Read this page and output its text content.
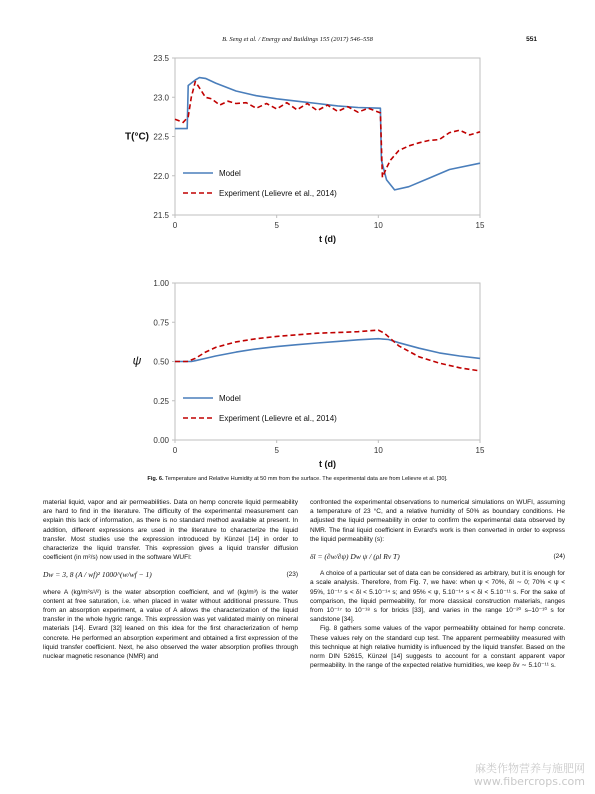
B. Seng et al. / Energy and Buildings 155 (2017) 546–558	551
21.5
22.0
22.5
23.0
23.5
0	5	10	15
t (d)
T(°C)
Model
Experiment (Lelievre et al., 2014)
0.00
0.25
0.50
0.75
1.00
0	5	10	15
t (d)
ψ
Model
Experiment (Lelievre et al., 2014)
Fig. 6. Temperature and Relative Humidity at 50 mm from the surface. The experimental data are from Lelievre et al. [30].

material liquid, vapor and air permeabilities. Data on hemp concrete liquid permeability are hard to find in the literature. The difficulty of the experimental measurement can explain this lack of information, as there is no standard method available at present. In addition, different expressions are used in the literature to characterize the liquid transfer. Most studies use the expression introduced by Künzel [14] in order to characterize the liquid transfer. This expression gives a liquid transfer diffusion coefficient (in m²/s) now used in the software WUFI:

Dw = 3, 8 (A / wf)² 1000^(w/wf − 1)	(23)

where A (kg/m²s¹/²) is the water absorption coefficient, and wf (kg/m³) is the water content at free saturation, i.e. when placed in water without additional pressure. Thus from an absorption experiment, a value of A allows the characterization of the liquid transfer in the whole hygric range. This expression was yet validated mainly on mineral materials [14]. Evrard [32] leaned on this idea for the first characterization of hemp concrete. He performed an absorption experiment and obtained a first expression of the liquid transfer coefficient. Next, he also observed the water absorption profiles through nuclear magnetic resonance (NMR) and

confronted the experimental observations to numerical simulations on WUFI, assuming a temperature of 23 °C, and a relative humidity of 50% as boundary conditions. He adjusted the liquid permeability in order to confirm the experimental data observed by NMR. The final liquid coefficient in Evrard's work is then converted in order to express the liquid permeability (s):

δl = (∂w/∂ψ) Dw ψ / (ρl Rv T)	(24)

A choice of a particular set of data can be considered as arbitrary, but it is enough for a scale analysis. Therefore, from Fig. 7, we have: when ψ < 70%, δl ∼ 0; 70% < ψ < 95%, 10⁻¹⁷ s < δl < 5.10⁻¹⁴ s; and 95% < ψ, 5.10⁻¹⁴ s < δl < 5.10⁻¹¹ s. For the sake of comparison, the liquid permeability, for more classical construction materials, ranges from 10⁻¹⁷ to 10⁻¹⁸ s for bricks [33], and varies in the range 10⁻²⁰ s–10⁻¹⁰ s for sandstone [34].

Fig. 8 gathers some values of the vapor permeability obtained for hemp concrete. These values rely on the standard cup test. The apparent permeability measured with this technique at high relative humidity is influenced by the liquid transfer. Based on the norm DIN 52615, Künzel [14] suggests to account for a constant apparent vapor permeability. In the range of the expected relative humidities, we keep δv ∼ 5.10⁻¹¹ s.

麻类作物营养与施肥网
www.fibercrops.com
